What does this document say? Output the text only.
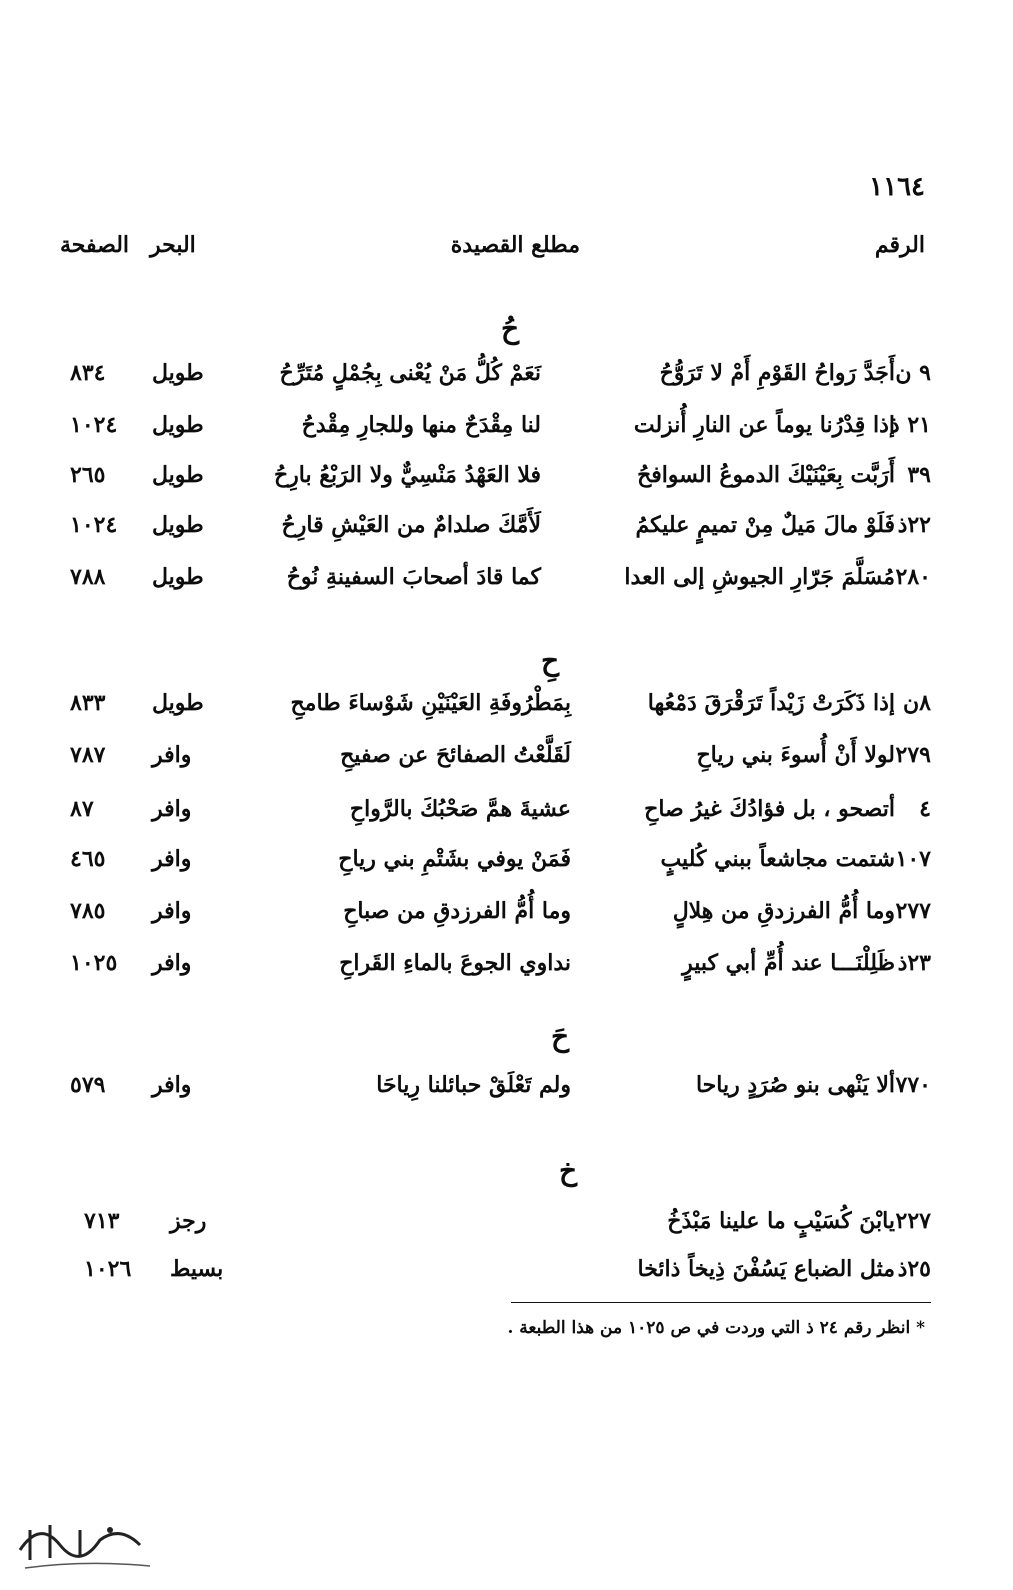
١١٦٤
الرقم
مطلع القصيدة
البحر
الصفحة
حُ
٩ ن
أَجَدَّ رَواحُ القَوْمِ أَمْ لا تَرَوُّحُ
نَعَمْ كُلُّ مَنْ يُعْنى بِجُمْلٍ مُتَرِّحُ
طويل
٨٣٤
٢١ ذ
إذا قِدْرُنا يوماً عن النارِ أُنزلت
لنا مِقْدَحٌ منها وللجارِ مِقْدحُ
طويل
١٠٢٤
٣٩
أَرَبَّت بِعَيْنَيْكَ الدموعُ السوافحُ
فلا العَهْدُ مَنْسِيٌّ ولا الرَبْعُ بارِحُ
طويل
٢٦٥
٢٢ذ
فَلَوْ مالَ مَيلٌ مِنْ تميمٍ عليكمُ
لَأَمَّكَ صلدامٌ من العَيْشِ قارِحُ
طويل
١٠٢٤
٢٨٠
مُسَلَّمَ جَرّارِ الجيوشِ إلى العدا
كما قادَ أصحابَ السفينةِ نُوحُ
طويل
٧٨٨
حِ
٨ن
إذا ذَكَرَتْ زَيْداً تَرَقْرَقَ دَمْعُها
بِمَطْرُوفَةِ العَيْنَيْنِ شَوْساءَ طامحِ
طويل
٨٣٣
٢٧٩
لولا أَنْ أُسوءَ بني رياحِ
لَقَلَّعْتُ الصفائحَ عن صفيحِ
وافر
٧٨٧
٤
أتصحو ، بل فؤادُكَ غيرُ صاحِ
عشيةَ همَّ صَحْبُكَ بالرَّواحِ
وافر
٨٧
١٠٧
شتمت مجاشعاً ببني كُليبٍ
فَمَنْ يوفي بشَتْمِ بني رياحِ
وافر
٤٦٥
٢٧٧
وما أُمُّ الفرزدقِ من هِلالٍ
وما أُمُّ الفرزدقِ من صباحِ
وافر
٧٨٥
٢٣ذ
ظَلِلْنَـــا عند أُمِّ أبي كبيرٍ
نداوي الجوعَ بالماءِ القَراحِ
وافر
١٠٢٥
حَ
٧٧٠
ألا يَنْهى بنو صُرَدٍ رياحا
ولم تَعْلَقْ حبائلنا رِياحَا
وافر
٥٧٩
خ
٢٢٧
يابْنَ كُسَيْبٍ ما علينا مَبْذَخُ
رجز
٧١٣
٢٥ذ
مثل الضباع يَسُفْنَ ذِيخاً ذائخا
بسيط
١٠٢٦
* انظر رقم ٢٤ ذ التي وردت في ص ١٠٢٥ من هذا الطبعة .
